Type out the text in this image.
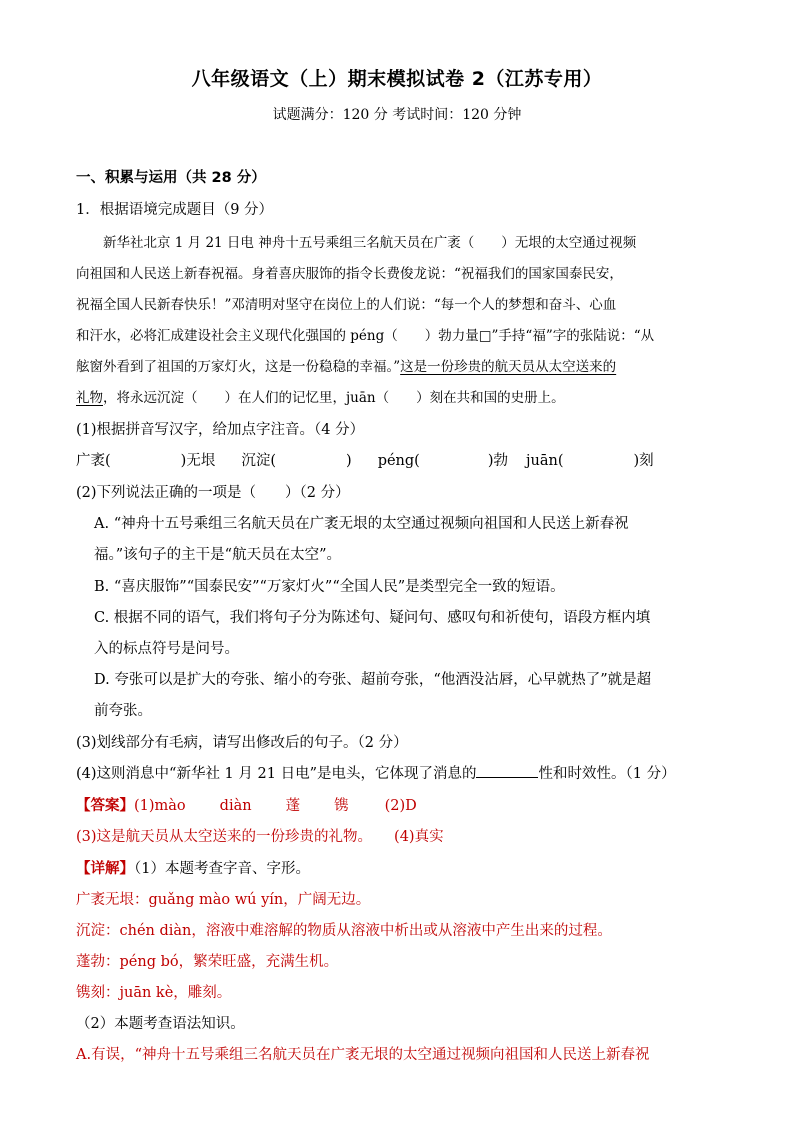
八年级语文（上）期末模拟试卷 2（江苏专用）
试题满分：120 分 考试时间：120 分钟
一、积累与运用（共 28 分）
1．根据语境完成题目（9 分）
　　新华社北京 1 月 21 日电 神舟十五号乘组三名航天员在广袤（　　）无垠的太空通过视频
向祖国和人民送上新春祝福。身着喜庆服饰的指令长费俊龙说：“祝福我们的国家国泰民安，
祝福全国人民新春快乐！”邓清明对坚守在岗位上的人们说：“每一个人的梦想和奋斗、心血
和汗水，必将汇成建设社会主义现代化强国的 péng（　　）勃力量□”手持“福”字的张陆说：“从
舷窗外看到了祖国的万家灯火，这是一份稳稳的幸福。”这是一份珍贵的航天员从太空送来的
礼物，将永远沉淀（　　）在人们的记忆里，juān（　　）刻在共和国的史册上。
(1)根据拼音写汉字，给加点字注音。（4 分）
广袤(	)无垠 沉淀(	) péng(	)勃 juān(	)刻
(2)下列说法正确的一项是（　　）（2 分）
A. “神舟十五号乘组三名航天员在广袤无垠的太空通过视频向祖国和人民送上新春祝
福。”该句子的主干是“航天员在太空”。
B. “喜庆服饰”“国泰民安”“万家灯火”“全国人民”是类型完全一致的短语。
C. 根据不同的语气，我们将句子分为陈述句、疑问句、感叹句和祈使句，语段方框内填
入的标点符号是问号。
D. 夸张可以是扩大的夸张、缩小的夸张、超前夸张，“他酒没沾唇，心早就热了”就是超
前夸张。
(3)划线部分有毛病，请写出修改后的句子。（2 分）
(4)这则消息中“新华社 1 月 21 日电”是电头，它体现了消息的	性和时效性。（1 分）
【答案】(1)mào diàn 蓬 镌 (2)D
(3)这是航天员从太空送来的一份珍贵的礼物。 (4)真实
【详解】（1）本题考查字音、字形。
广袤无垠：guǎng mào wú yín，广阔无边。
沉淀：chén diàn，溶液中难溶解的物质从溶液中析出或从溶液中产生出来的过程。
蓬勃：péng bó，繁荣旺盛，充满生机。
镌刻：juān kè，雕刻。
（2）本题考查语法知识。
A.有误，“神舟十五号乘组三名航天员在广袤无垠的太空通过视频向祖国和人民送上新春祝
